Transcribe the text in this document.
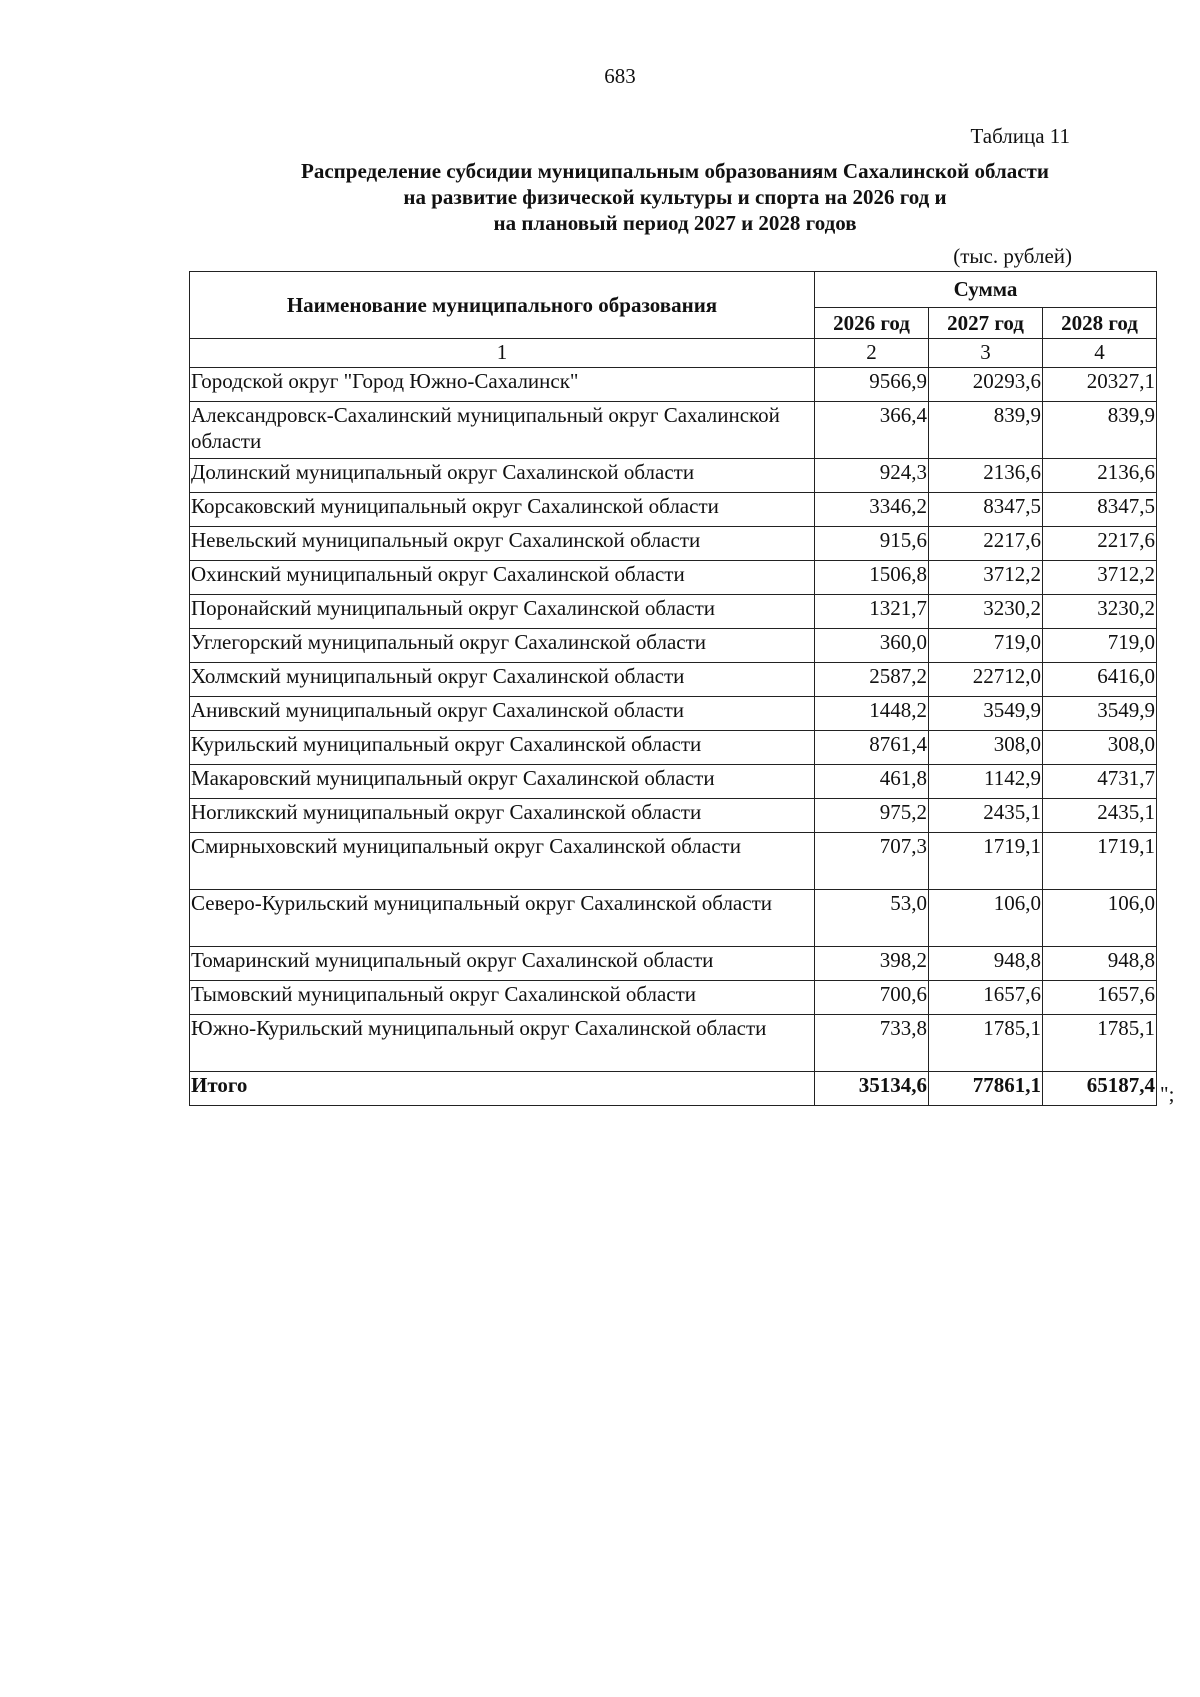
683
Таблица 11
Распределение субсидии муниципальным образованиям Сахалинской области
на развитие физической культуры и спорта на 2026 год и
на плановый период 2027 и 2028 годов
(тыс. рублей)
Наименование муниципального образования	Сумма		
	2026 год	2027 год	2028 год
1	2	3	4
Городской округ "Город Южно-Сахалинск"	9566,9	20293,6	20327,1
Александровск-Сахалинский муниципальный округ Сахалинской области	366,4	839,9	839,9
Долинский муниципальный округ Сахалинской области	924,3	2136,6	2136,6
Корсаковский муниципальный округ Сахалинской области	3346,2	8347,5	8347,5
Невельский муниципальный округ Сахалинской области	915,6	2217,6	2217,6
Охинский муниципальный округ Сахалинской области	1506,8	3712,2	3712,2
Поронайский муниципальный округ Сахалинской области	1321,7	3230,2	3230,2
Углегорский муниципальный округ Сахалинской области	360,0	719,0	719,0
Холмский муниципальный округ Сахалинской области	2587,2	22712,0	6416,0
Анивский муниципальный округ Сахалинской области	1448,2	3549,9	3549,9
Курильский муниципальный округ Сахалинской области	8761,4	308,0	308,0
Макаровский муниципальный округ Сахалинской области	461,8	1142,9	4731,7
Ногликский муниципальный округ Сахалинской области	975,2	2435,1	2435,1
Смирныховский муниципальный округ Сахалинской области	707,3	1719,1	1719,1
Северо-Курильский муниципальный округ Сахалинской области	53,0	106,0	106,0
Томаринский муниципальный округ Сахалинской области	398,2	948,8	948,8
Тымовский муниципальный округ Сахалинской области	700,6	1657,6	1657,6
Южно-Курильский муниципальный округ Сахалинской области	733,8	1785,1	1785,1
Итого	35134,6	77861,1	65187,4 ";
